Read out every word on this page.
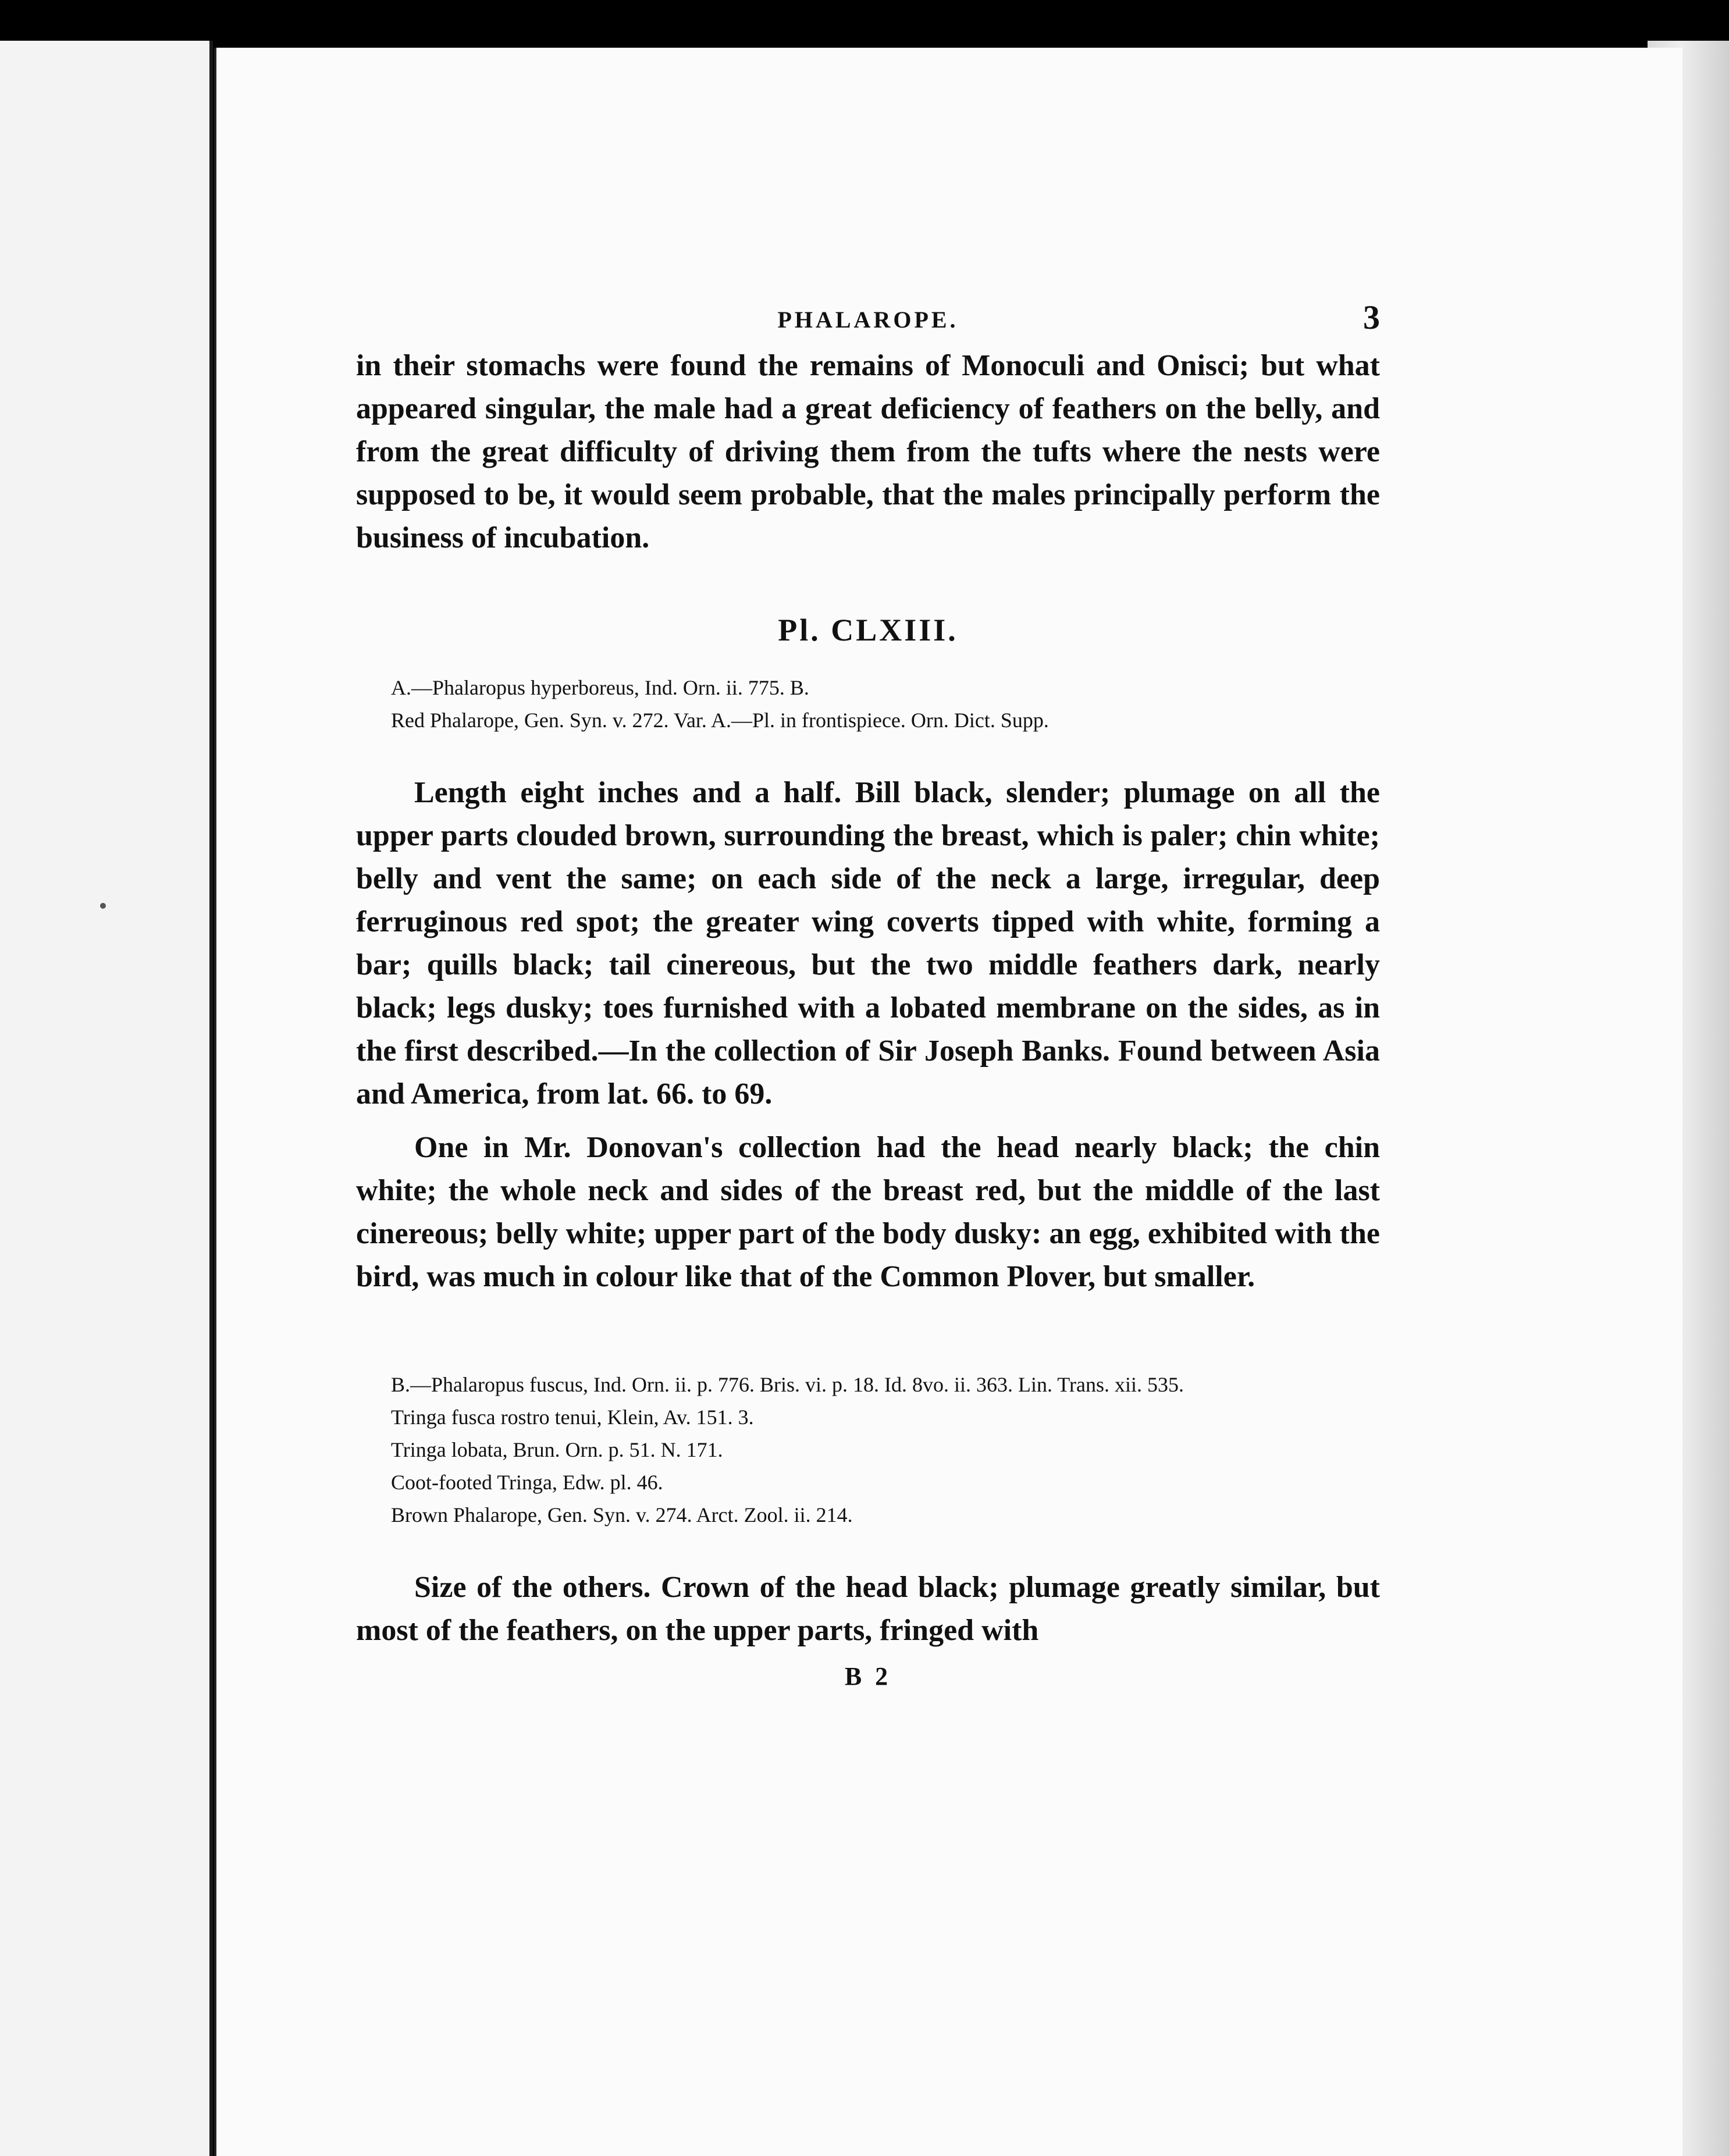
PHALAROPE.	3

in their stomachs were found the remains of Monoculi and Onisci; but what appeared singular, the male had a great deficiency of feathers on the belly, and from the great difficulty of driving them from the tufts where the nests were supposed to be, it would seem probable, that the males principally perform the business of incubation.

Pl. CLXIII.

A.—Phalaropus hyperboreus, Ind. Orn. ii. 775. B.

Red Phalarope, Gen. Syn. v. 272. Var. A.—Pl. in frontispiece. Orn. Dict. Supp.

Length eight inches and a half. Bill black, slender; plumage on all the upper parts clouded brown, surrounding the breast, which is paler; chin white; belly and vent the same; on each side of the neck a large, irregular, deep ferruginous red spot; the greater wing coverts tipped with white, forming a bar; quills black; tail cinereous, but the two middle feathers dark, nearly black; legs dusky; toes furnished with a lobated membrane on the sides, as in the first described.—In the collection of Sir Joseph Banks. Found between Asia and America, from lat. 66. to 69.

One in Mr. Donovan's collection had the head nearly black; the chin white; the whole neck and sides of the breast red, but the middle of the last cinereous; belly white; upper part of the body dusky: an egg, exhibited with the bird, was much in colour like that of the Common Plover, but smaller.

B.—Phalaropus fuscus, Ind. Orn. ii. p. 776. Bris. vi. p. 18. Id. 8vo. ii. 363. Lin. Trans. xii. 535.

Tringa fusca rostro tenui, Klein, Av. 151. 3.

Tringa lobata, Brun. Orn. p. 51. N. 171.

Coot-footed Tringa, Edw. pl. 46.

Brown Phalarope, Gen. Syn. v. 274. Arct. Zool. ii. 214.

Size of the others. Crown of the head black; plumage greatly similar, but most of the feathers, on the upper parts, fringed with

B 2
